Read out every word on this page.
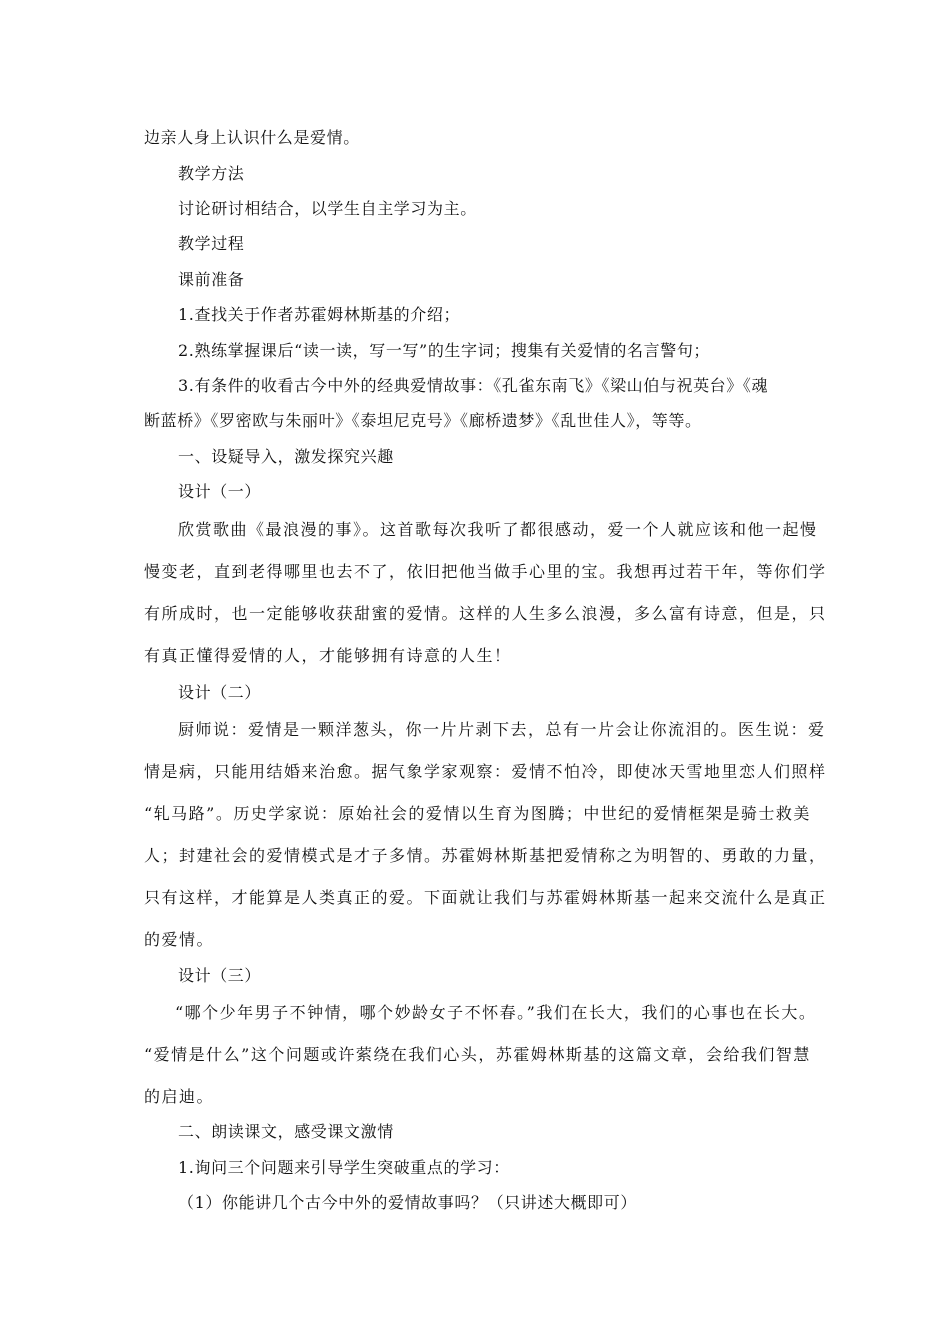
边亲人身上认识什么是爱情。
教学方法
讨论研讨相结合，以学生自主学习为主。
教学过程
课前准备
1.查找关于作者苏霍姆林斯基的介绍；
2.熟练掌握课后“读一读，写一写”的生字词；搜集有关爱情的名言警句；
3.有条件的收看古今中外的经典爱情故事：《孔雀东南飞》《梁山伯与祝英台》《魂
断蓝桥》《罗密欧与朱丽叶》《泰坦尼克号》《廊桥遗梦》《乱世佳人》，等等。
一、设疑导入，激发探究兴趣
设计（一）
欣赏歌曲《最浪漫的事》。这首歌每次我听了都很感动，爱一个人就应该和他一起慢
慢变老，直到老得哪里也去不了，依旧把他当做手心里的宝。我想再过若干年，等你们学
有所成时，也一定能够收获甜蜜的爱情。这样的人生多么浪漫，多么富有诗意，但是，只
有真正懂得爱情的人，才能够拥有诗意的人生！
设计（二）
厨师说：爱情是一颗洋葱头，你一片片剥下去，总有一片会让你流泪的。医生说：爱
情是病，只能用结婚来治愈。据气象学家观察：爱情不怕冷，即使冰天雪地里恋人们照样
“轧马路”。历史学家说：原始社会的爱情以生育为图腾；中世纪的爱情框架是骑士救美
人；封建社会的爱情模式是才子多情。苏霍姆林斯基把爱情称之为明智的、勇敢的力量，
只有这样，才能算是人类真正的爱。下面就让我们与苏霍姆林斯基一起来交流什么是真正
的爱情。
设计（三）
“哪个少年男子不钟情，哪个妙龄女子不怀春。”我们在长大，我们的心事也在长大。
“爱情是什么”这个问题或许萦绕在我们心头，苏霍姆林斯基的这篇文章，会给我们智慧
的启迪。
二、朗读课文，感受课文激情
1.询问三个问题来引导学生突破重点的学习：
（1）你能讲几个古今中外的爱情故事吗？（只讲述大概即可）
